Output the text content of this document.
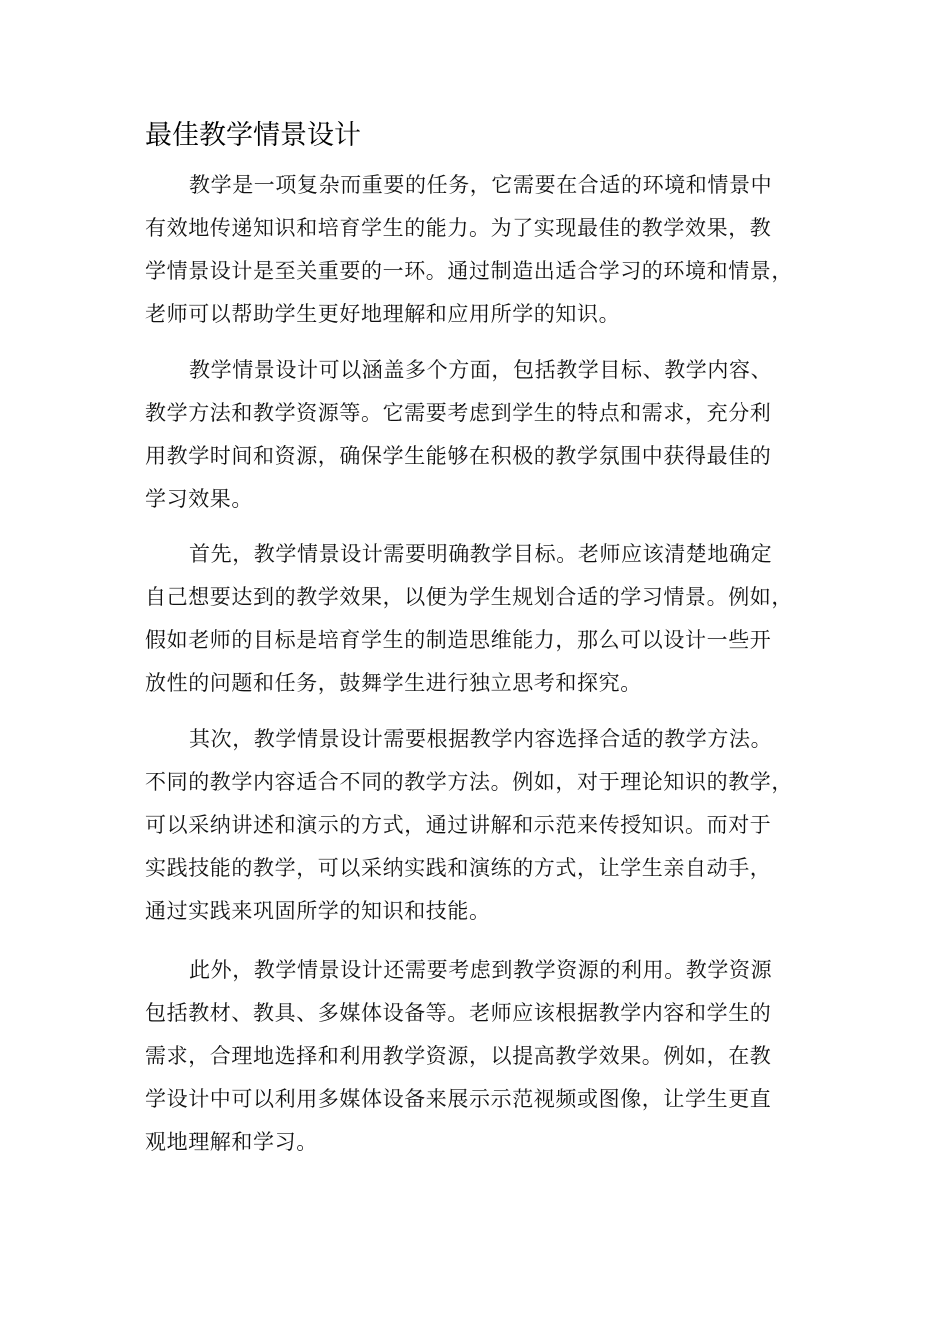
最佳教学情景设计

教学是一项复杂而重要的任务，它需要在合适的环境和情景中
有效地传递知识和培育学生的能力。为了实现最佳的教学效果，教
学情景设计是至关重要的一环。通过制造出适合学习的环境和情景，
老师可以帮助学生更好地理解和应用所学的知识。

教学情景设计可以涵盖多个方面，包括教学目标、教学内容、
教学方法和教学资源等。它需要考虑到学生的特点和需求，充分利
用教学时间和资源，确保学生能够在积极的教学氛围中获得最佳的
学习效果。

首先，教学情景设计需要明确教学目标。老师应该清楚地确定
自己想要达到的教学效果，以便为学生规划合适的学习情景。例如，
假如老师的目标是培育学生的制造思维能力，那么可以设计一些开
放性的问题和任务，鼓舞学生进行独立思考和探究。

其次，教学情景设计需要根据教学内容选择合适的教学方法。
不同的教学内容适合不同的教学方法。例如，对于理论知识的教学，
可以采纳讲述和演示的方式，通过讲解和示范来传授知识。而对于
实践技能的教学，可以采纳实践和演练的方式，让学生亲自动手，
通过实践来巩固所学的知识和技能。

此外，教学情景设计还需要考虑到教学资源的利用。教学资源
包括教材、教具、多媒体设备等。老师应该根据教学内容和学生的
需求，合理地选择和利用教学资源，以提高教学效果。例如，在教
学设计中可以利用多媒体设备来展示示范视频或图像，让学生更直
观地理解和学习。
